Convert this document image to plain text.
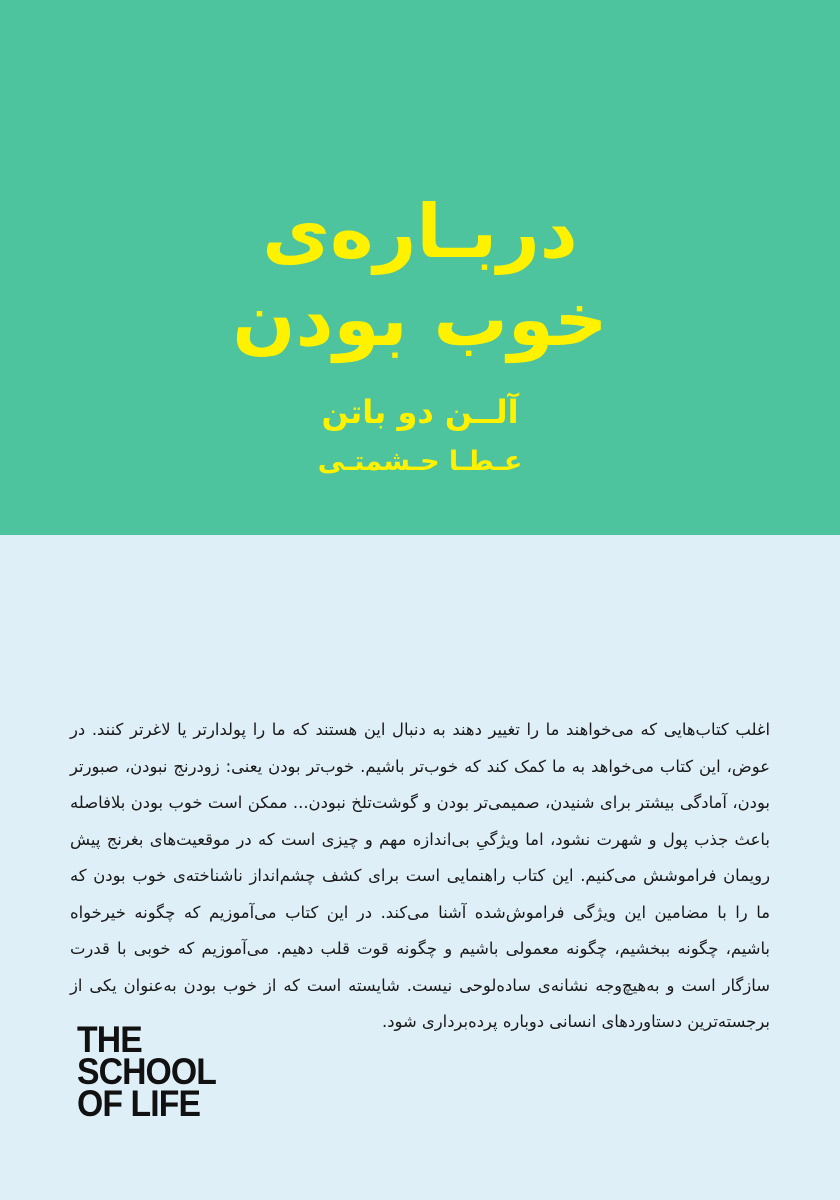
دربـاره‌ی
خوب بودن

آلــن دو باتن

عـطـا حـشمتـی

اغلب کتاب‌هایی که می‌خواهند ما را تغییر دهند به دنبال این هستند که ما را پولدارتر یا لاغرتر کنند. در عوض، این کتاب می‌خواهد به ما کمک کند که خوب‌تر باشیم. خوب‌تر بودن یعنی: زودرنج نبودن، صبورتر بودن، آمادگی بیشتر برای شنیدن، صمیمی‌تر بودن و گوشت‌تلخ نبودن... ممکن است خوب بودن بلافاصله باعث جذب پول و شهرت نشود، اما ویژگیِ بی‌اندازه مهم و چیزی است که در موقعیت‌های بغرنج پیش رویمان فراموشش می‌کنیم. این کتاب راهنمایی است برای کشف چشم‌انداز ناشناخته‌ی خوب بودن که ما را با مضامین این ویژگی فراموش‌شده آشنا می‌کند. در این کتاب می‌آموزیم که چگونه خیرخواه باشیم، چگونه ببخشیم، چگونه معمولی باشیم و چگونه قوت قلب دهیم. می‌آموزیم که خوبی با قدرت سازگار است و به‌هیچ‌وجه نشانه‌ی ساده‌لوحی نیست. شایسته است که از خوب بودن به‌عنوان یکی از برجسته‌ترین دستاوردهای انسانی دوباره پرده‌برداری شود.

THE
SCHOOL
OF LIFE
